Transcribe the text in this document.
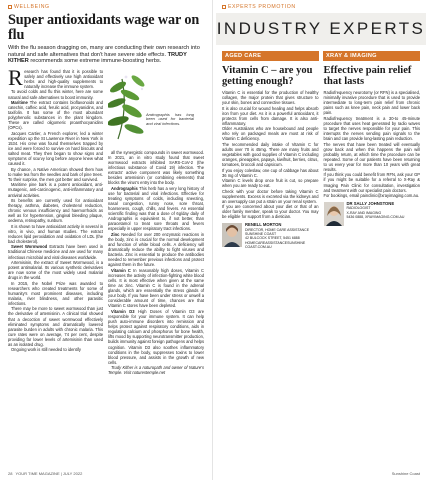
WELLBEING
Super antioxidants wage war on flu
With the flu season dragging on, many are conducting their own research into natural and safe alternatives that don't have severe side effects. TRUDY KITHER recommends some extreme immune-boosting herbs.

Research has found that it is possible to safely and effectively use high antioxidant herbs and high-quality supplements to naturally increase the immune system.

To avoid colds and flu this winter, here are some natural and safe alternatives to boost immunity.

Maritime The extract contains bioflavonoids and catechin, caffeic acid, ferulic acid, procyanidins, and taxifolin. It has some of the most abundant polyphenolic substances in the plant kingdom. These are called oligomeric proanthocyanidins (OPCs).

Jacques Cartier, a French explorer, led a winter expedition up the St Lawrence River in New York in 1534. His crew was found themselves trapped by ice and were forced to survive on hard biscuits and salted meat. They then began to show signs and symptoms of scurvy long before anyone knew what caused it.

By chance, a Native American showed them how to make tea from the needles and bark of pine trees. To their surprise, the men got better and survived.

Maritime pine bark is a potent antioxidant, anti-mutagenic, anti-carcinogenic, anti-inflammatory and antiviral activities.

Its benefits are currently used for antioxidant therapy, asthma, diabetes, cholesterol reduction, chronic venous insufficiency and haemorrhoids as well as for hypertension, gingival bleeding plaque, oedema, retinopathy, sunburn.

It is shown to have antioxidant activity in several in vitro, in vivo, and human studies. The extract reduces lipid peroxidation and oxidation of LDL (the bad cholesterol).

Sweet Wormwood Extracts have been used in traditional Chinese medicine and are used for many infectious microbial and viral diseases worldwide.

Artemisinin, the extract of Sweet Wormwood, is a potent antimalarial. Its various synthetic derivatives are now some of the most widely used malarial drugs in the world.

In 2015, the Nobel Prize was awarded to researchers who created treatments for some of humanity's most prominent diseases, including malaria, river blindness, and other parasitic infections.

There may be more to sweet wormwood than just the derivative of artemisinin. A clinical trial showed that a decoction of sweet wormwood effectively eliminated symptoms and dramatically lowered parasite burden in adults with chronic malaria. This cure rates were on average, 74 per cent, despite providing far lower levels of artemisinin than used as an isolated drug.

Ongoing work is still needed to identify

Andrographis has long been used for bacterial and viral infections.

all the synergistic compounds in sweet wormwood. In 2021, an in vitro study found that sweet wormwood extracts inhibited SARS-CoV-2 (the infectious substance of Covid 19) infection. The extracts' active component was likely something besides artemisinin (or combining elements) that blocks the virus's entry into the body.

Andrographis This herb has a very long history of use for bacterial and viral infections. Effective for treating symptoms of colds, including sneezing, nasal congestion, runny nose, sore throat, hoarseness, cough, chills, and fevers. An essential scientific finding was that a dose of 6g/day daily of Andrographis is equivalent to, if not better, than paracetamol to treat sore throats and fevers especially in upper respiratory tract infections.

Zinc Needed for over 200 enzymatic reactions in the body, zinc is crucial for the normal development and function of white blood cells. A deficiency will dramatically reduce the ability to fight viruses and bacteria. Zinc is essential to produce the antibodies needed to remember previous infections and protect against them in the future.

Vitamin C In reasonably high doses, Vitamin C increases the activity of infection-fighting white blood cells. It is most effective when given at the same time as zinc. Vitamin C is found in the adrenal glands, which are essentially the stress glands of your body. If you have been under stress or unwell a considerable amount of time, chances are that Vitamin C stores have been depleted.

Vitamin D3 High Doses of Vitamin D3 are responsible for your immune system. It can help push auto-immune disorders into remission and helps protect against respiratory conditions, aids in regulating calcium and phosphorus for bone health, lifts mood by supporting neurotransmitter production, builds immunity against foreign pathogens and helps cognition. Vitamin D3 also soothes inflammatory conditions in the body, suppresses toxins to lower blood pressure, and assists in the growth of new cells.

Trudy Kither is a naturopath and owner of Nature's Temple. Visit naturestemple.net

28 YOUR TIME MAGAZINE | JULY 2022
EXPERTS PROMOTION
INDUSTRY EXPERTS
AGED CARE	XRAY & IMAGING
Vitamin C – are you getting enough?

Vitamin C is essential for the production of healthy collagen, the major protein that gives structure to your skin, bones and connective tissues.

It is also crucial for wound healing and helps absorb iron from your diet. As it is a powerful antioxidant, it protects from cells from damage. It is also anti-inflammatory.

Older Australians who are housebound and people who rely on packaged meals are most at risk of Vitamin C deficiency.

The recommended daily intake of Vitamin C for adults over 70 is 45mg. There are many fruits and vegetables with good supplies of Vitamin C including oranges, pineapples, papaya, kiwifruit, berries, citrus, tomatoes, broccoli and capsicum.

If you enjoy coleslaw, one cup of cabbage has about 36 mg of Vitamin C.

Vitamin C levels drop once fruit is cut, so prepare when you are ready to eat.

Check with your doctor before taking Vitamin C supplements. Excess is excreted via the kidneys and an oversupply can put a strain on your renal system.

If you are concerned about your diet or that of an older family member, speak to your doctor. You may be eligible for support from a dietician.

RENELL MORTON
DIRECTOR, HOME CARE ASSISTANCE
SUNSHINE COAST
42 BULCOCK STREET, 5451 6888
HOMECAREASSISTANCESUNSHINE
COAST.COM.AU
Effective pain relief that lasts

Radiofrequency neurotomy (or RFN) is a specialised, minimally invasive procedure that is used to provide intermediate to long-term pain relief from chronic pains such as knee pain, neck pain and lower back pain.

Radiofrequency treatment is a 30-to 45-minute procedure that uses heat generated by radio waves to target the nerves responsible for your pain. This interrupts the nerves sending pain signals to the brain and can provide long-lasting pain reduction.

The nerves that have been treated will eventually grow back and when this happens the pain will probably return, at which time the procedure can be repeated. Some of our patients have been returning to us every year for more than 10 years with great results.

If you think you could benefit from RFN, ask your GP if you might be suitable for a referral to X-Ray & Imaging Pain Clinic for consultation, investigation and treatment with our specialist pain doctors.

For bookings, email paincliniс@xrayimaging.com.au.

DR SALLY JOHNSTONE
RADIOLOGIST
X-RAY AND IMAGING
5436 0888, XRAYIMAGING.COM.AU
Sunshine Coast
